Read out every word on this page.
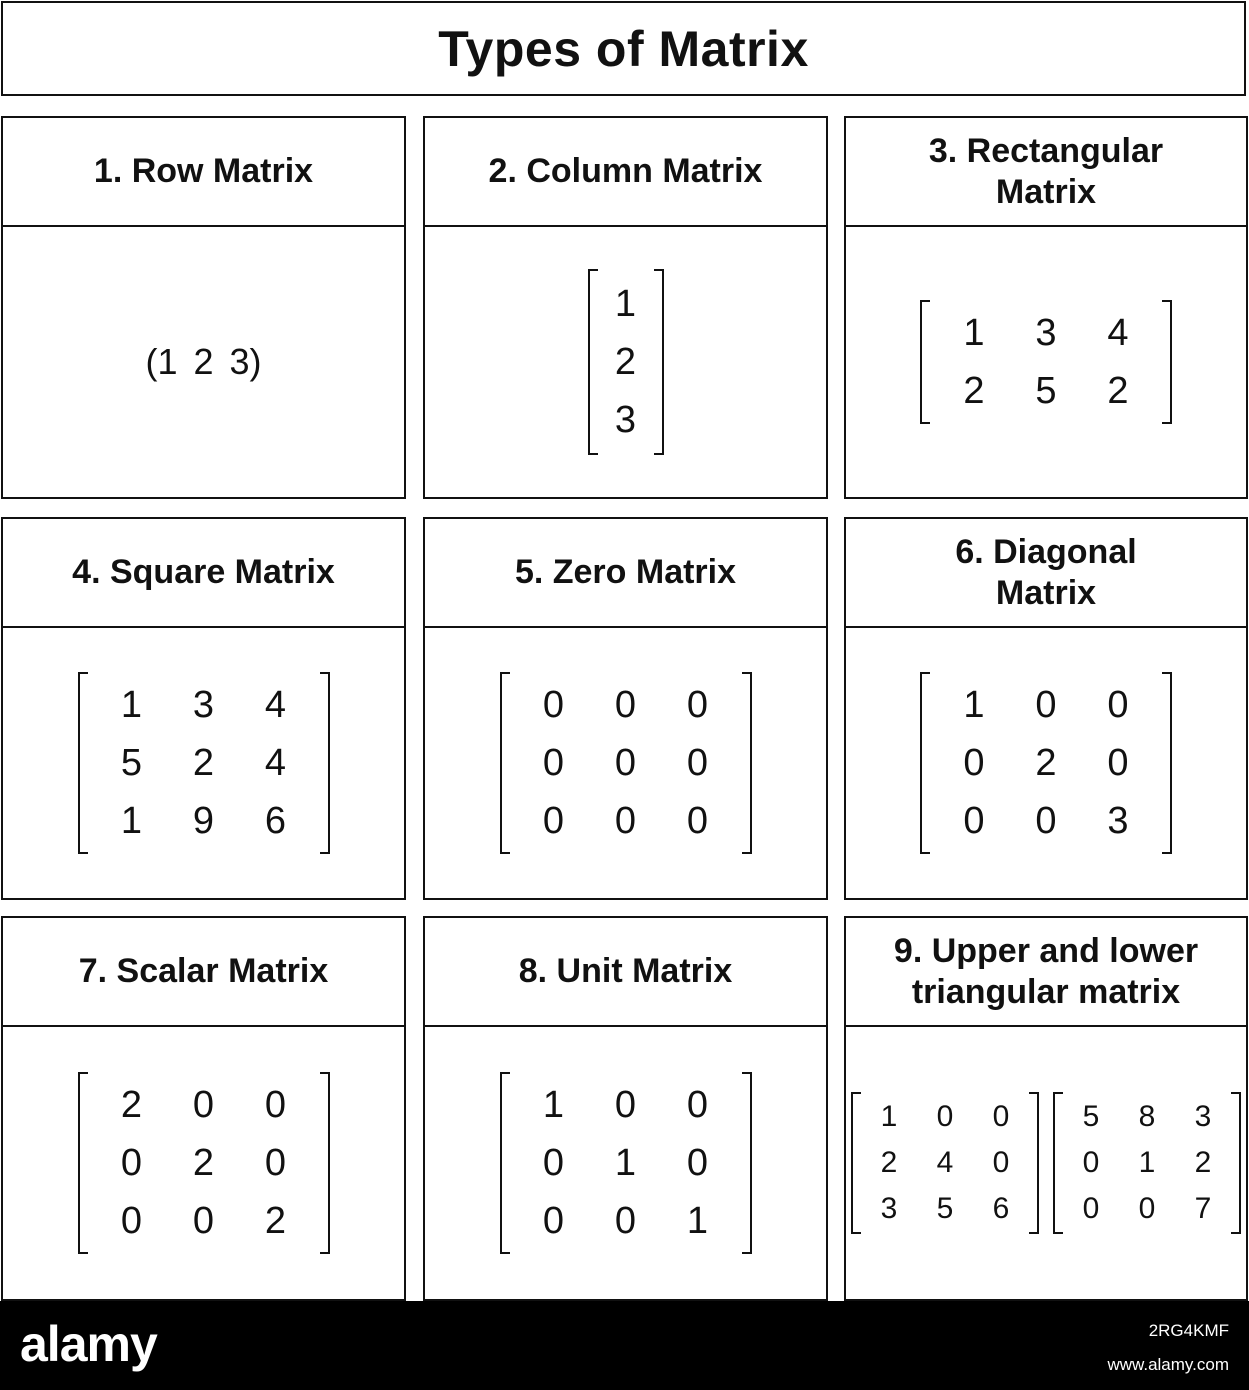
Types of Matrix
1. Row Matrix
(1 2 3)
2. Column Matrix
1
2
3
3. Rectangular Matrix
1	3	4
2	5	2
4. Square Matrix
1	3	4
5	2	4
1	9	6
5. Zero Matrix
0	0	0
0	0	0
0	0	0
6. Diagonal Matrix
1	0	0
0	2	0
0	0	3
7. Scalar Matrix
2	0	0
0	2	0
0	0	2
8. Unit Matrix
1	0	0
0	1	0
0	0	1
9. Upper and lower triangular matrix
1	0	0
2	4	0
3	5	6
5	8	3
0	1	2
0	0	7
alamy	2RG4KMF
www.alamy.com
